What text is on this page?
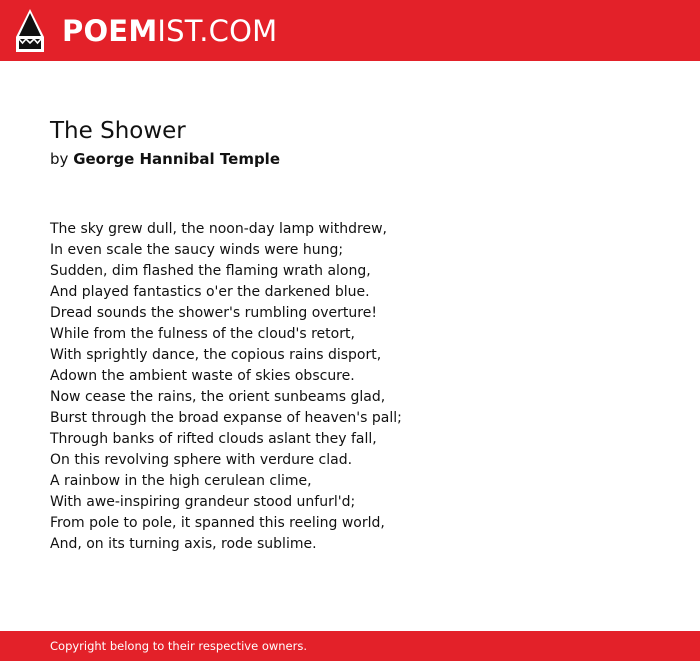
POEMIST.COM
The Shower
by George Hannibal Temple
The sky grew dull, the noon-day lamp withdrew,
In even scale the saucy winds were hung;
Sudden, dim flashed the flaming wrath along,
And played fantastics o'er the darkened blue.
Dread sounds the shower's rumbling overture!
While from the fulness of the cloud's retort,
With sprightly dance, the copious rains disport,
Adown the ambient waste of skies obscure.
Now cease the rains, the orient sunbeams glad,
Burst through the broad expanse of heaven's pall;
Through banks of rifted clouds aslant they fall,
On this revolving sphere with verdure clad.
A rainbow in the high cerulean clime,
With awe-inspiring grandeur stood unfurl'd;
From pole to pole, it spanned this reeling world,
And, on its turning axis, rode sublime.
Copyright belong to their respective owners.
